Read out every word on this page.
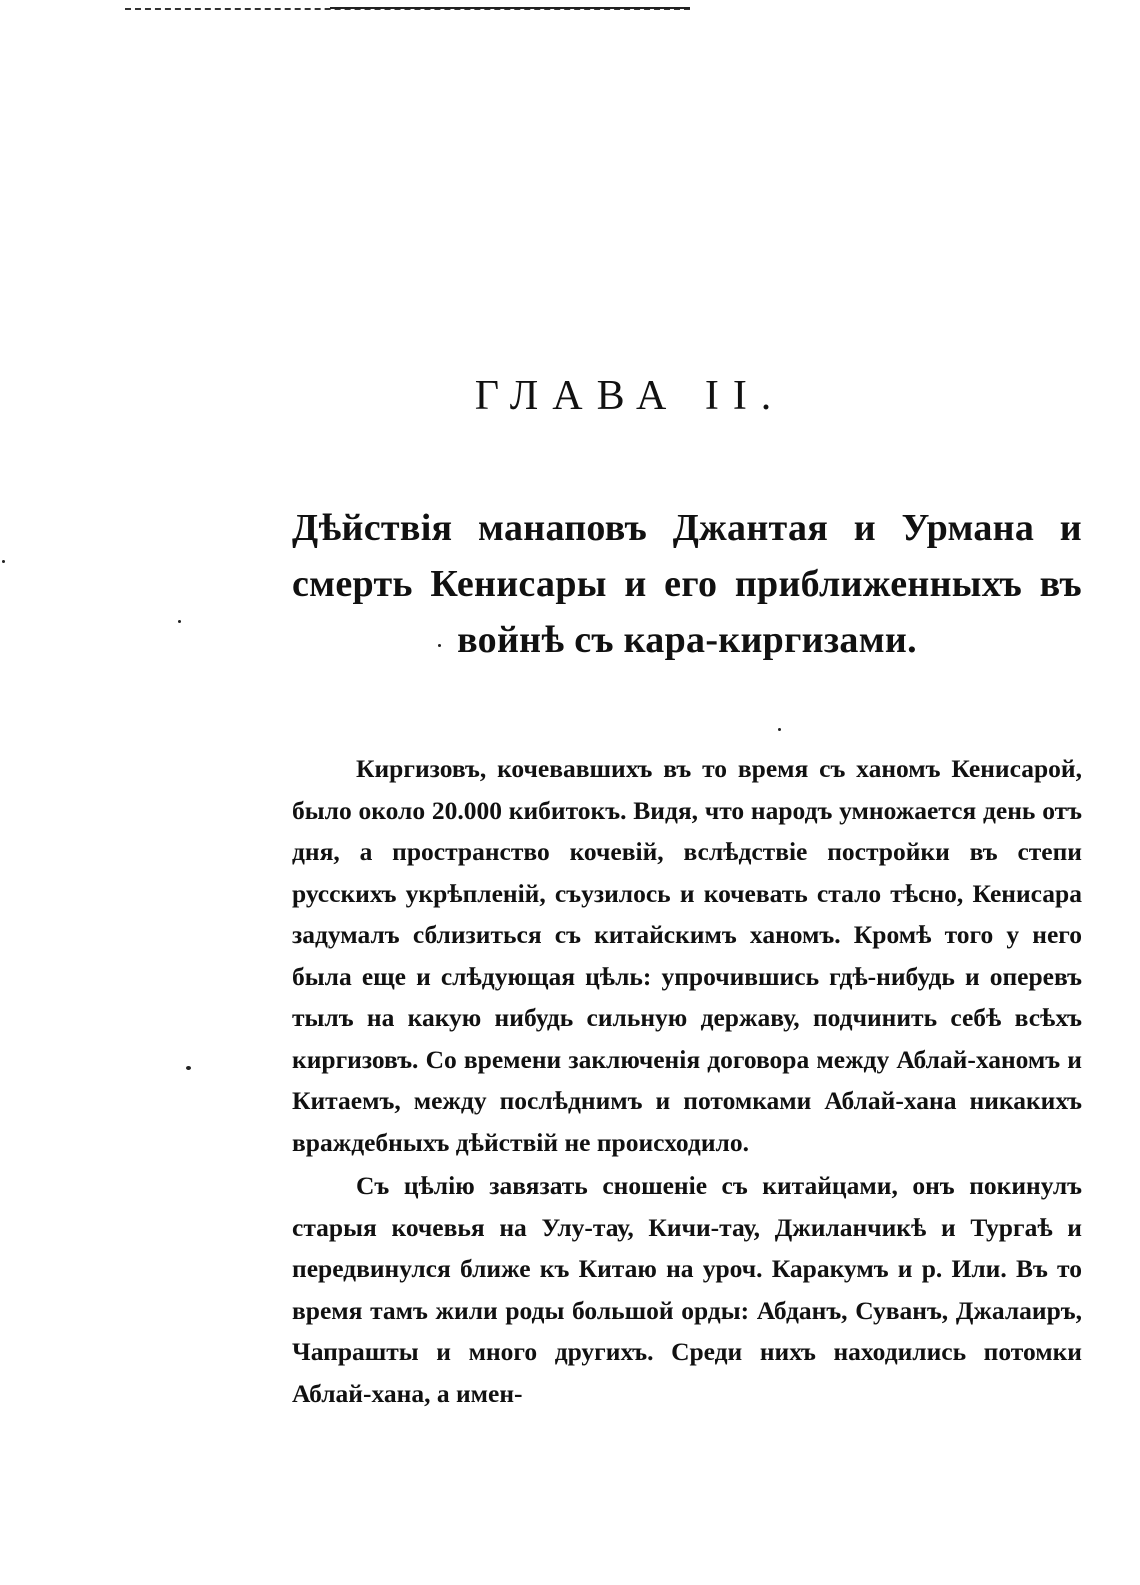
ГЛАВА II.
Дѣйствія манаповъ Джантая и Урмана и смерть Кенисары и его приближенныхъ въ войнѣ съ кара-киргизами.

Киргизовъ, кочевавшихъ въ то время съ ханомъ Кенисарой, было около 20.000 кибитокъ. Видя, что народъ умножается день отъ дня, а пространство кочевій, вслѣдствіе постройки въ степи русскихъ укрѣпленій, съузилось и кочевать стало тѣсно, Кенисара задумалъ сблизиться съ китайскимъ ханомъ. Кромѣ того у него была еще и слѣдующая цѣль: упрочившись гдѣ-нибудь и оперевъ тылъ на какую нибудь сильную державу, подчинить себѣ всѣхъ киргизовъ. Со времени заключенія договора между Аблай-ханомъ и Китаемъ, между послѣднимъ и потомками Аблай-хана никакихъ враждебныхъ дѣйствій не происходило.

Съ цѣлію завязать сношеніе съ китайцами, онъ покинулъ старыя кочевья на Улу-тау, Кичи-тау, Джиланчикѣ и Тургаѣ и передвинулся ближе къ Китаю на уроч. Каракумъ и р. Или. Въ то время тамъ жили роды большой орды: Абданъ, Суванъ, Джалаиръ, Чапрашты и много другихъ. Среди нихъ находились потомки Аблай-хана, а имен-
